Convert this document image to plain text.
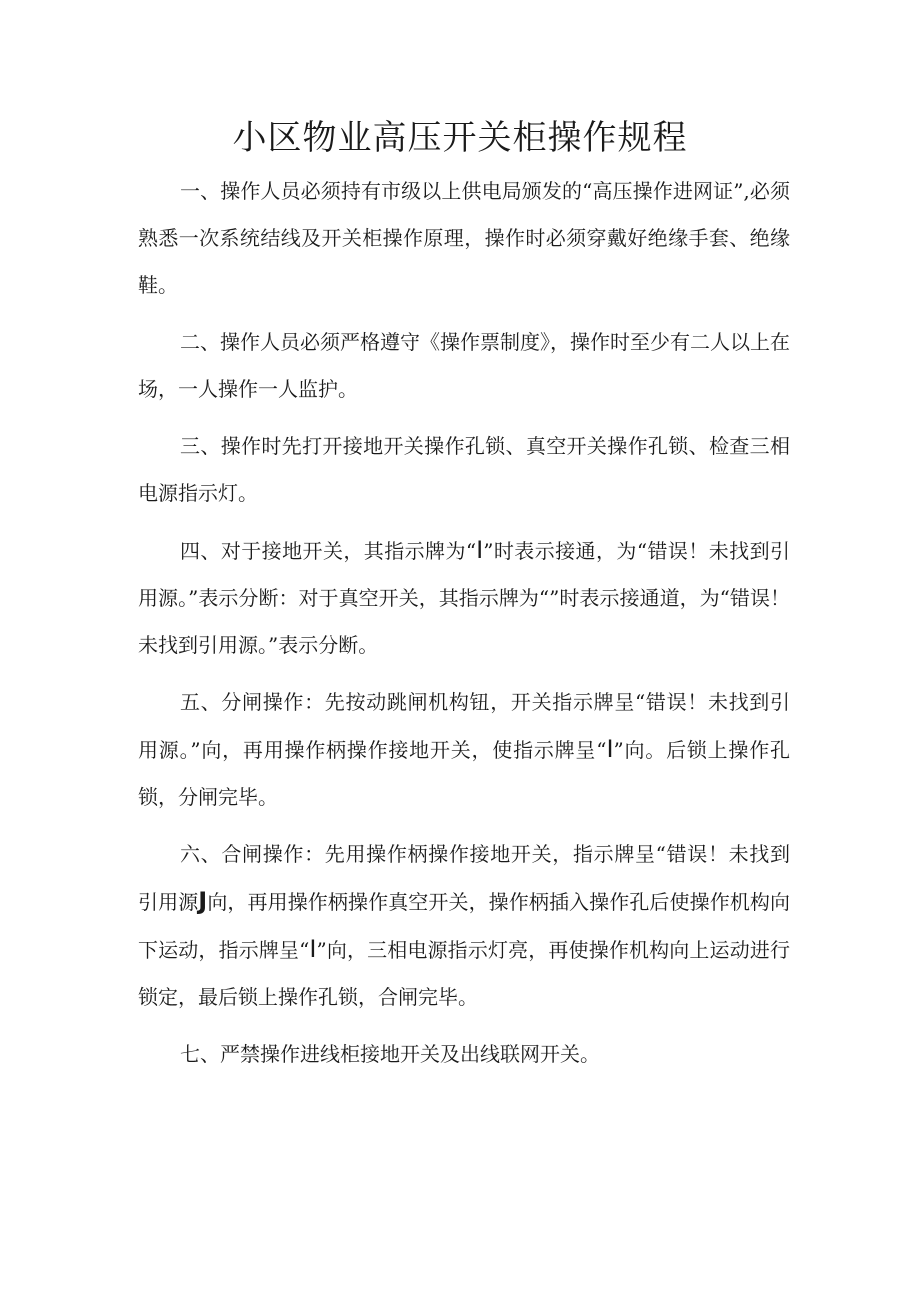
小区物业高压开关柜操作规程

一、操作人员必须持有市级以上供电局颁发的“高压操作进网证”,必须熟悉一次系统结线及开关柜操作原理，操作时必须穿戴好绝缘手套、绝缘鞋。

二、操作人员必须严格遵守《操作票制度》，操作时至少有二人以上在场，一人操作一人监护。

三、操作时先打开接地开关操作孔锁、真空开关操作孔锁、检查三相电源指示灯。

四、对于接地开关，其指示牌为“I”时表示接通，为“错误！未找到引用源。”表示分断：对于真空开关，其指示牌为“”时表示接通道，为“错误！未找到引用源。”表示分断。

五、分闸操作：先按动跳闸机构钮，开关指示牌呈“错误！未找到引用源。”向，再用操作柄操作接地开关，使指示牌呈“I”向。后锁上操作孔锁，分闸完毕。

六、合闸操作：先用操作柄操作接地开关，指示牌呈“错误！未找到引用源J向，再用操作柄操作真空开关，操作柄插入操作孔后使操作机构向下运动，指示牌呈“I”向，三相电源指示灯亮，再使操作机构向上运动进行锁定，最后锁上操作孔锁，合闸完毕。

七、严禁操作进线柜接地开关及出线联网开关。
